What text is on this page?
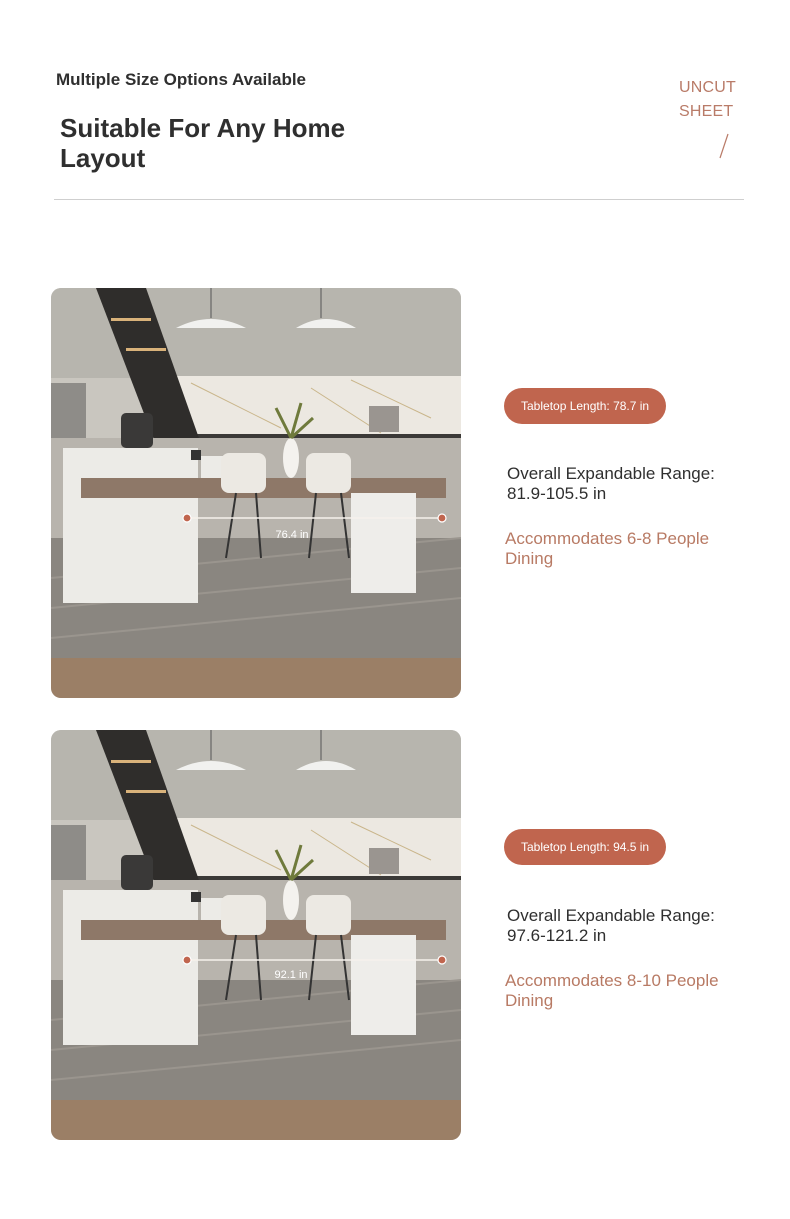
Multiple Size Options Available
Suitable For Any Home Layout
UNCUT
SHEET
76.4 in
Tabletop Length: 78.7 in
Overall Expandable Range: 81.9-105.5 in
Accommodates 6-8 People Dining
92.1 in
Tabletop Length: 94.5 in
Overall Expandable Range: 97.6-121.2 in
Accommodates 8-10 People Dining
